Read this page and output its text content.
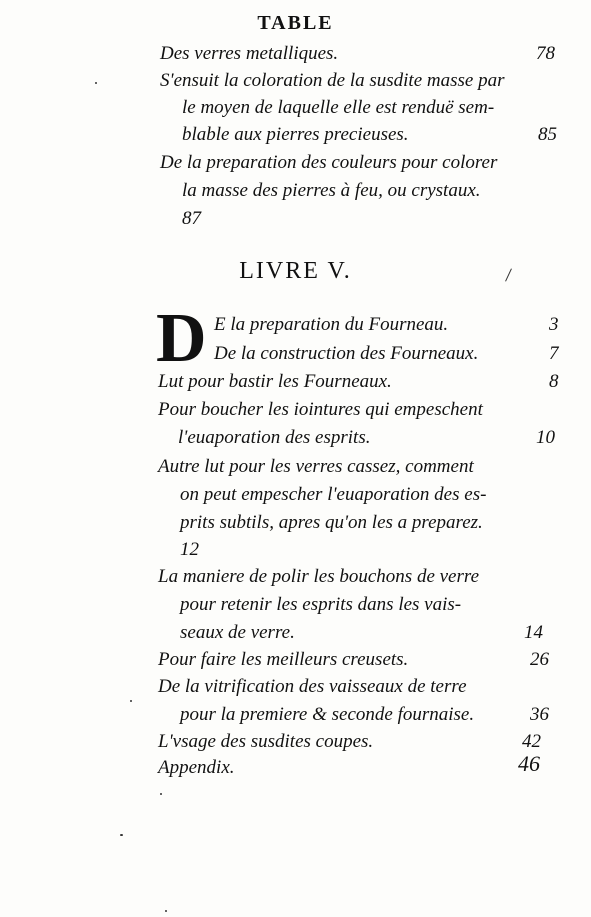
TABLE
Des verres metalliques.	78
S'ensuit la coloration de la susdite masse par
le moyen de laquelle elle est renduë sem-
blable aux pierres precieuses.	85
De la preparation des couleurs pour colorer
la masse des pierres à feu, ou crystaux.
87
LIVRE V.
D E la preparation du Fourneau.	3
De la construction des Fourneaux.	7
Lut pour bastir les Fourneaux.	8
Pour boucher les iointures qui empeschent
l'euaporation des esprits.	10
Autre lut pour les verres cassez, comment
on peut empescher l'euaporation des es-
prits subtils, apres qu'on les a preparez.
12
La maniere de polir les bouchons de verre
pour retenir les esprits dans les vais-
seaux de verre.	14
Pour faire les meilleurs creusets.	26
De la vitrification des vaisseaux de terre
pour la premiere & seconde fournaise.	36
L'vsage des susdites coupes.	42
Appendix.	46
